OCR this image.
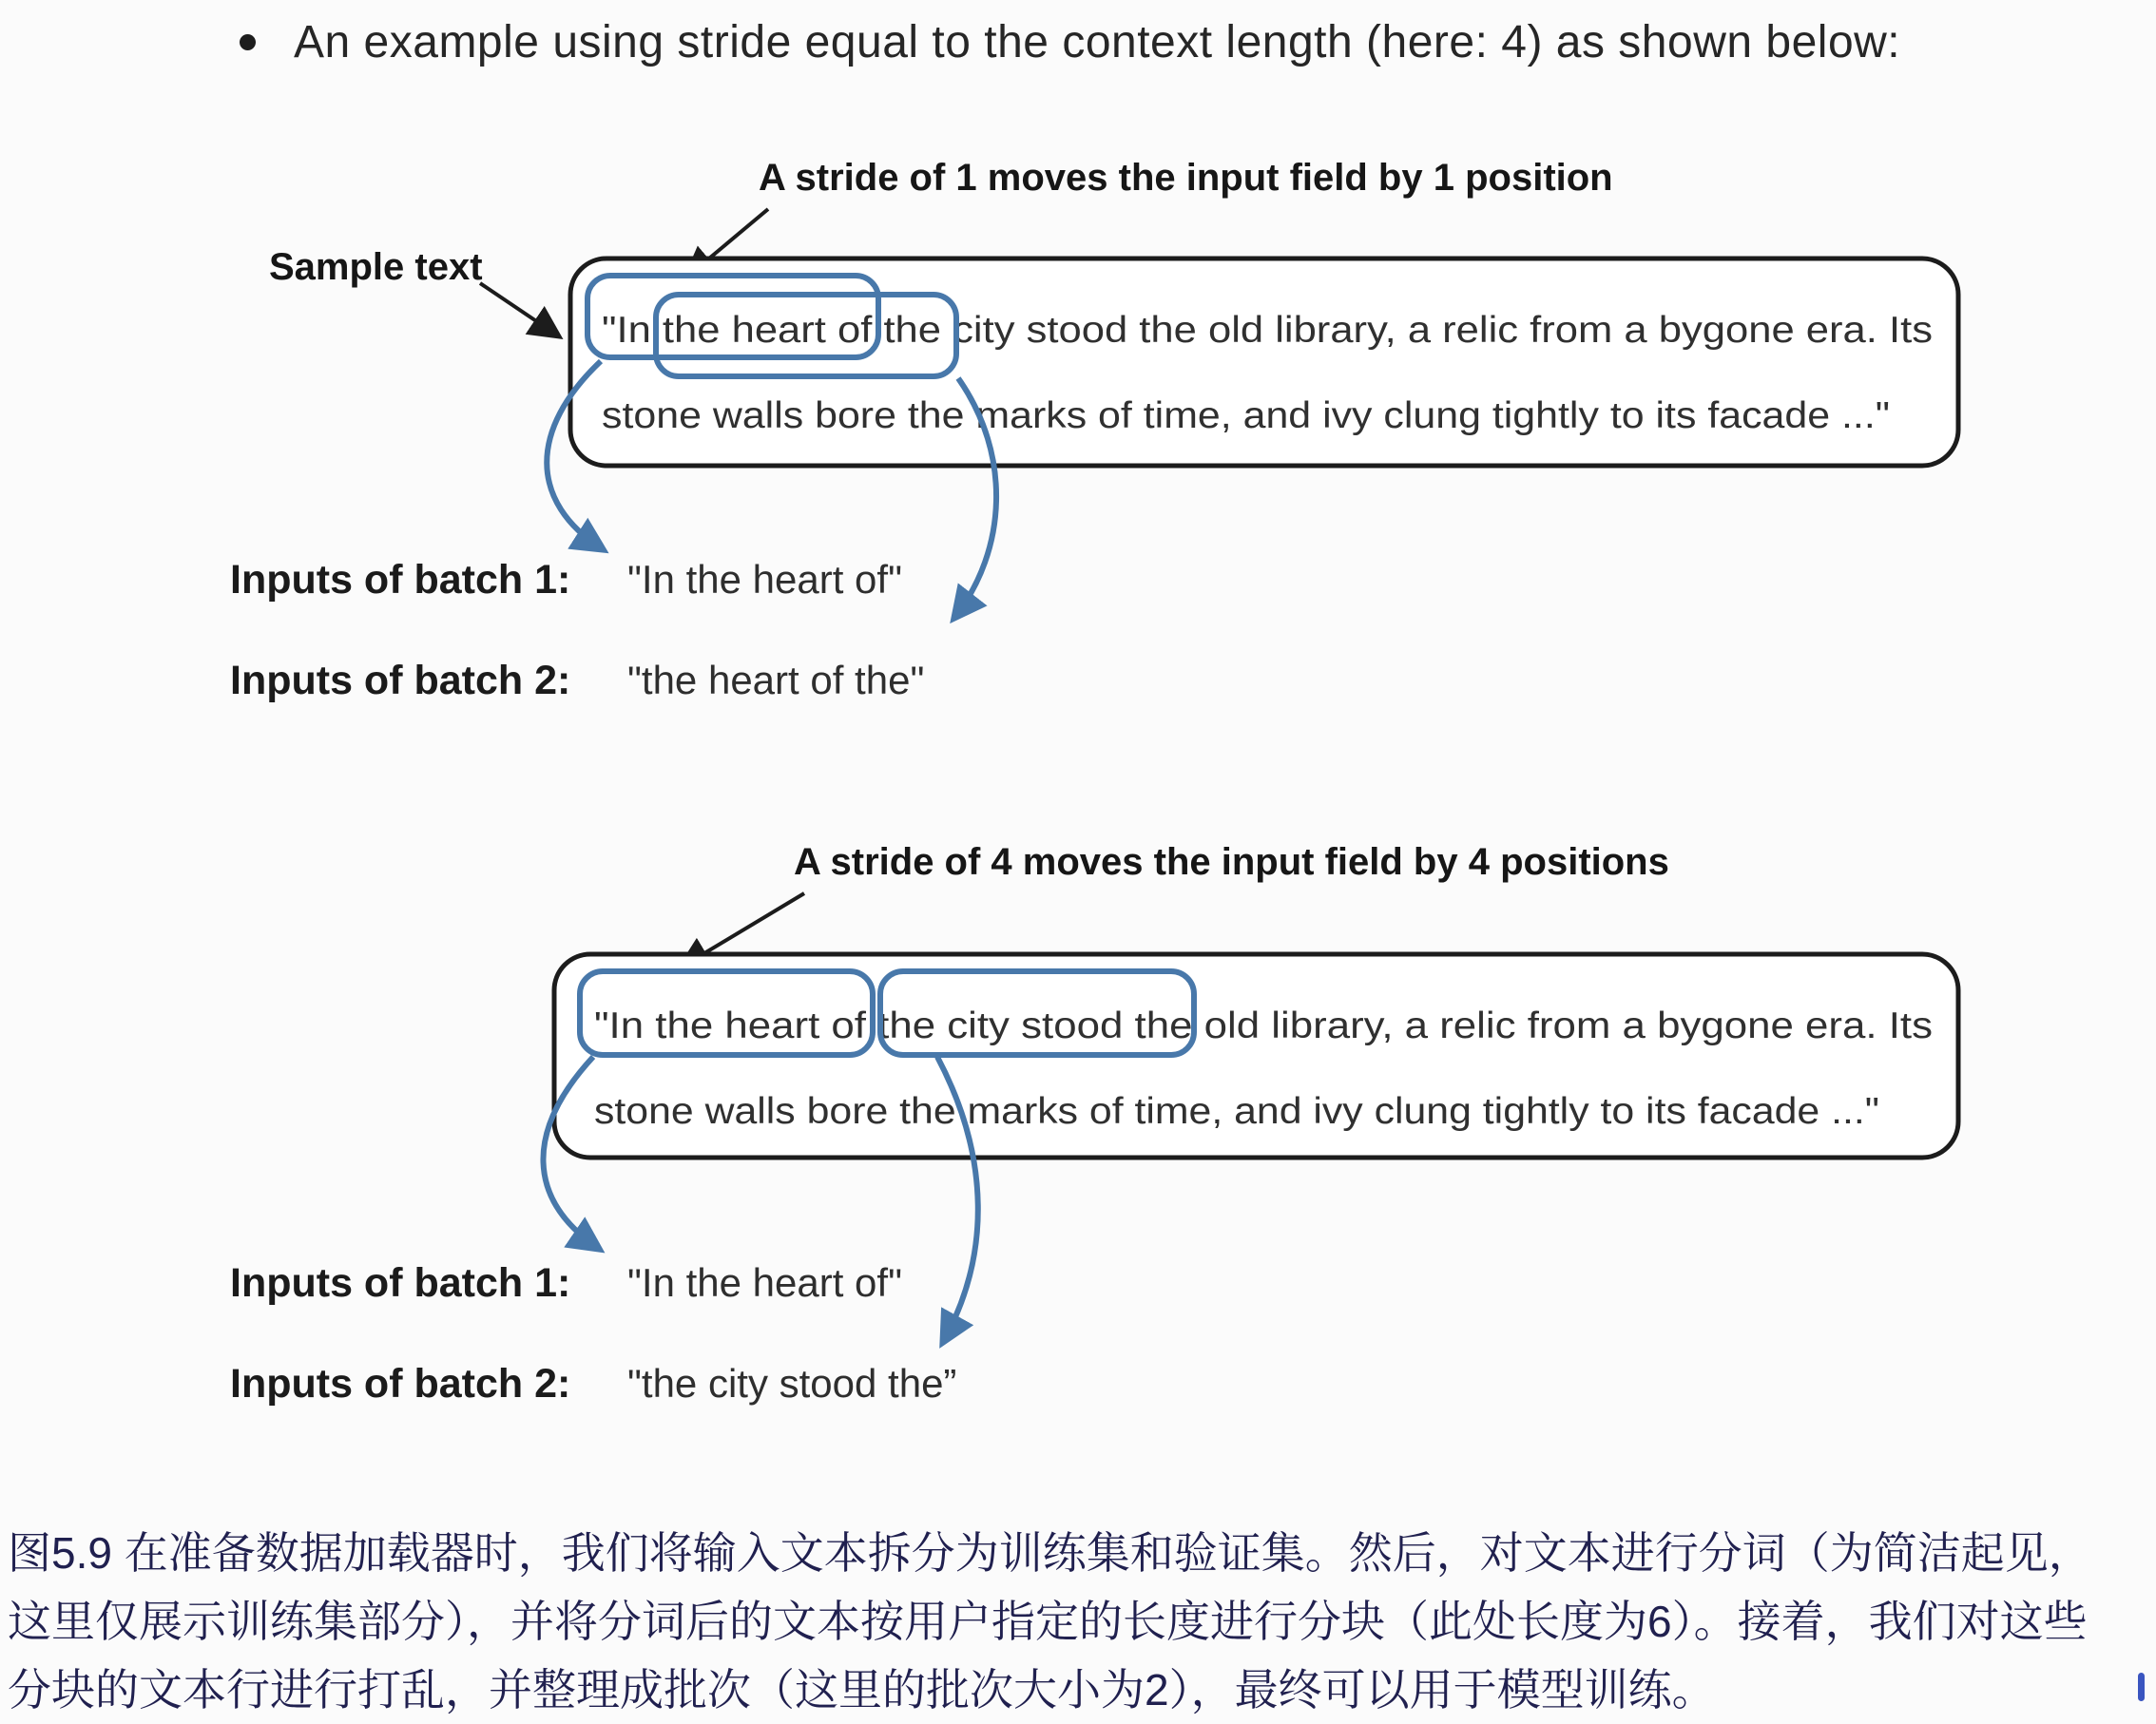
An example using stride equal to the context length (here: 4) as shown below:
A stride of 1 moves the input field by 1 position
Sample text
"In the heart of the city stood the old library, a relic from a bygone era. Its
stone walls bore the marks of time, and ivy clung tightly to its facade ..."
Inputs of batch 1: "In the heart of"
Inputs of batch 2: "the heart of the"
A stride of 4 moves the input field by 4 positions
"In the heart of the city stood the old library, a relic from a bygone era. Its
stone walls bore the marks of time, and ivy clung tightly to its facade ..."
Inputs of batch 1: "In the heart of"
Inputs of batch 2: "the city stood the”
图5.9 在准备数据加载器时，我们将输入文本拆分为训练集和验证集。然后，对文本进行分词（为简洁起见，
这里仅展示训练集部分），并将分词后的文本按用户指定的长度进行分块（此处长度为6）。接着，我们对这些
分块的文本行进行打乱，并整理成批次（这里的批次大小为2），最终可以用于模型训练。
